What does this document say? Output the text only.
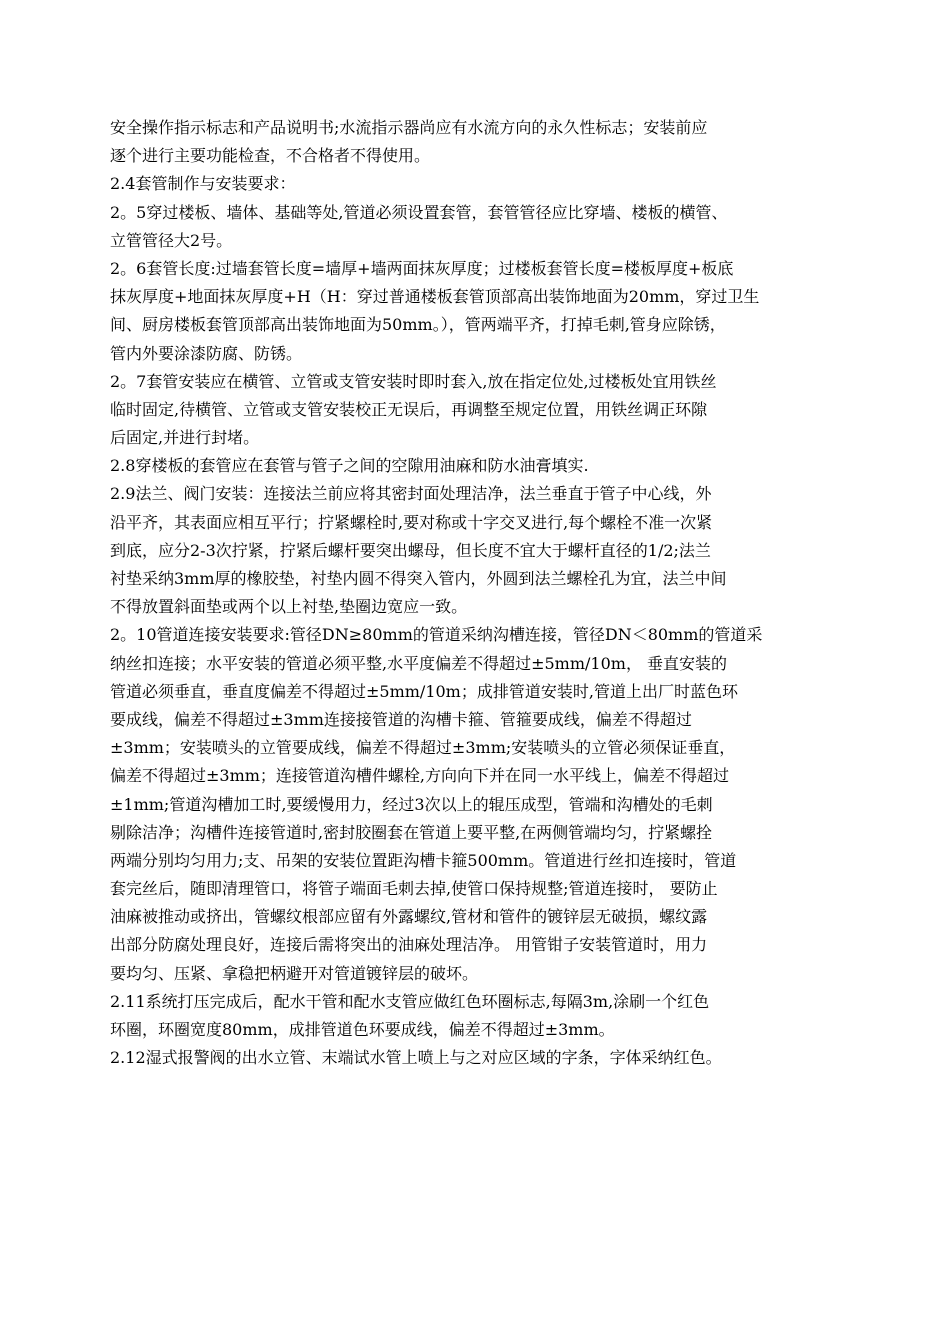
安全操作指示标志和产品说明书;水流指示器尚应有水流方向的永久性标志；安装前应
逐个进行主要功能检查，不合格者不得使用。
2.4套管制作与安装要求：
2。5穿过楼板、墙体、基础等处,管道必须设置套管，套管管径应比穿墙、楼板的横管、
立管管径大2号。
2。6套管长度:过墙套管长度=墙厚+墙两面抹灰厚度；过楼板套管长度=楼板厚度+板底
抹灰厚度+地面抹灰厚度+H（H：穿过普通楼板套管顶部高出装饰地面为20mm，穿过卫生
间、厨房楼板套管顶部高出装饰地面为50mm。），管两端平齐，打掉毛刺,管身应除锈，
管内外要涂漆防腐、防锈。
2。7套管安装应在横管、立管或支管安装时即时套入,放在指定位处,过楼板处宜用铁丝
临时固定,待横管、立管或支管安装校正无误后，再调整至规定位置，用铁丝调正环隙
后固定,并进行封堵。
2.8穿楼板的套管应在套管与管子之间的空隙用油麻和防水油膏填实.
2.9法兰、阀门安装：连接法兰前应将其密封面处理洁净，法兰垂直于管子中心线，外
沿平齐，其表面应相互平行；拧紧螺栓时,要对称或十字交叉进行,每个螺栓不准一次紧
到底，应分2-3次拧紧，拧紧后螺杆要突出螺母，但长度不宜大于螺杆直径的1/2;法兰
衬垫采纳3mm厚的橡胶垫，衬垫内圆不得突入管内，外圆到法兰螺栓孔为宜，法兰中间
不得放置斜面垫或两个以上衬垫,垫圈边宽应一致。
2。10管道连接安装要求:管径DN≥80mm的管道采纳沟槽连接，管径DN＜80mm的管道采
纳丝扣连接；水平安装的管道必须平整,水平度偏差不得超过±5mm/10m， 垂直安装的
管道必须垂直，垂直度偏差不得超过±5mm/10m；成排管道安装时,管道上出厂时蓝色环
要成线，偏差不得超过±3mm连接接管道的沟槽卡箍、管箍要成线，偏差不得超过
±3mm；安装喷头的立管要成线，偏差不得超过±3mm;安装喷头的立管必须保证垂直，
偏差不得超过±3mm；连接管道沟槽件螺栓,方向向下并在同一水平线上，偏差不得超过
±1mm;管道沟槽加工时,要缓慢用力，经过3次以上的辊压成型，管端和沟槽处的毛刺
剔除洁净；沟槽件连接管道时,密封胶圈套在管道上要平整,在两侧管端均匀，拧紧螺拴
两端分别均匀用力;支、吊架的安装位置距沟槽卡箍500mm。管道进行丝扣连接时，管道
套完丝后，随即清理管口，将管子端面毛刺去掉,使管口保持规整;管道连接时， 要防止
油麻被推动或挤出，管螺纹根部应留有外露螺纹,管材和管件的镀锌层无破损，螺纹露
出部分防腐处理良好，连接后需将突出的油麻处理洁净。 用管钳子安装管道时，用力
要均匀、压紧、拿稳把柄避开对管道镀锌层的破坏。
2.11系统打压完成后，配水干管和配水支管应做红色环圈标志,每隔3m,涂刷一个红色
环圈，环圈宽度80mm，成排管道色环要成线，偏差不得超过±3mm。
2.12湿式报警阀的出水立管、末端试水管上喷上与之对应区域的字条，字体采纳红色。
